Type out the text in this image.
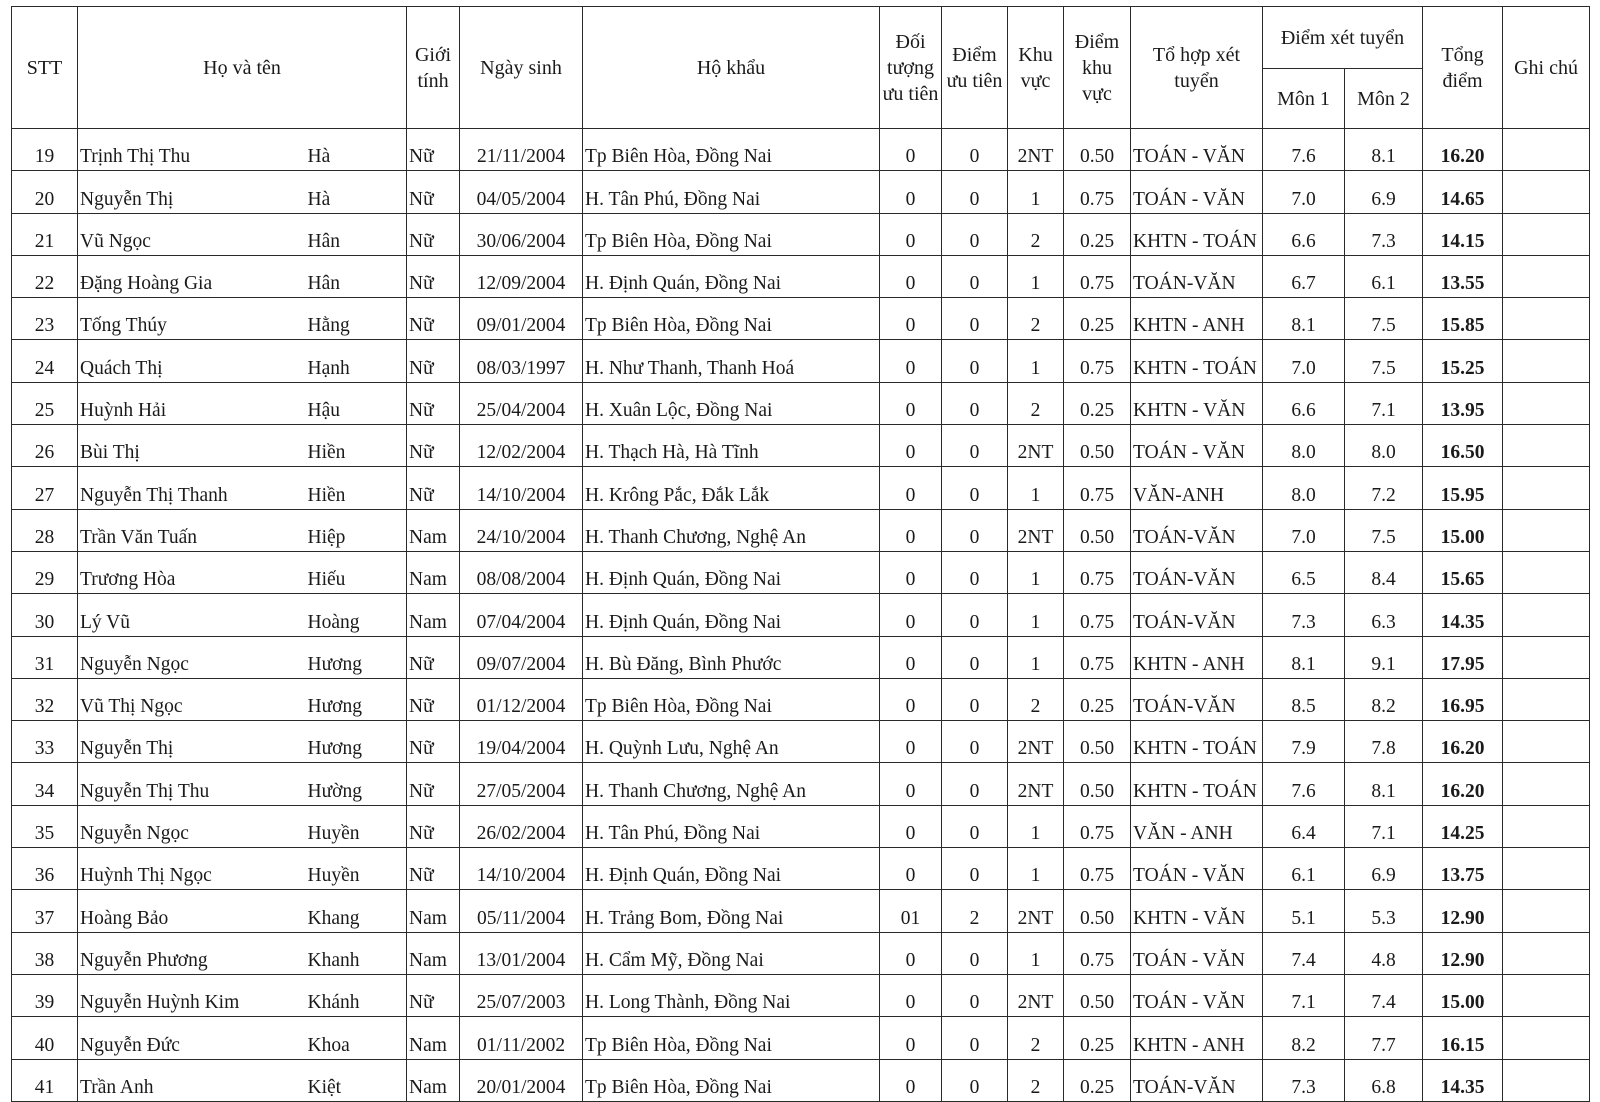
STT	Họ và tên		Giới tính	Ngày sinh	Hộ khẩu	Đối tượng ưu tiên	Điểm ưu tiên	Khu vực	Điểm khu vực	Tổ hợp xét tuyển	Điểm xét tuyển		Tổng điểm	Ghi chú
											Môn 1	Môn 2		
19	Trịnh Thị Thu	Hà	Nữ	21/11/2004	Tp Biên Hòa, Đồng Nai	0	0	2NT	0.50	TOÁN - VĂN	7.6	8.1	16.20	
20	Nguyễn Thị	Hà	Nữ	04/05/2004	H. Tân Phú, Đồng Nai	0	0	1	0.75	TOÁN - VĂN	7.0	6.9	14.65	
21	Vũ Ngọc	Hân	Nữ	30/06/2004	Tp Biên Hòa, Đồng Nai	0	0	2	0.25	KHTN - TOÁN	6.6	7.3	14.15	
22	Đặng Hoàng Gia	Hân	Nữ	12/09/2004	H. Định Quán, Đồng Nai	0	0	1	0.75	TOÁN-VĂN	6.7	6.1	13.55	
23	Tống Thúy	Hằng	Nữ	09/01/2004	Tp Biên Hòa, Đồng Nai	0	0	2	0.25	KHTN - ANH	8.1	7.5	15.85	
24	Quách Thị	Hạnh	Nữ	08/03/1997	H. Như Thanh, Thanh Hoá	0	0	1	0.75	KHTN - TOÁN	7.0	7.5	15.25	
25	Huỳnh Hải	Hậu	Nữ	25/04/2004	H. Xuân Lộc, Đồng Nai	0	0	2	0.25	KHTN - VĂN	6.6	7.1	13.95	
26	Bùi Thị	Hiền	Nữ	12/02/2004	H. Thạch Hà, Hà Tĩnh	0	0	2NT	0.50	TOÁN - VĂN	8.0	8.0	16.50	
27	Nguyễn Thị Thanh	Hiền	Nữ	14/10/2004	H. Krông Pắc, Đắk Lắk	0	0	1	0.75	VĂN-ANH	8.0	7.2	15.95	
28	Trần Văn Tuấn	Hiệp	Nam	24/10/2004	H. Thanh Chương, Nghệ An	0	0	2NT	0.50	TOÁN-VĂN	7.0	7.5	15.00	
29	Trương Hòa	Hiếu	Nam	08/08/2004	H. Định Quán, Đồng Nai	0	0	1	0.75	TOÁN-VĂN	6.5	8.4	15.65	
30	Lý Vũ	Hoàng	Nam	07/04/2004	H. Định Quán, Đồng Nai	0	0	1	0.75	TOÁN-VĂN	7.3	6.3	14.35	
31	Nguyễn Ngọc	Hương	Nữ	09/07/2004	H. Bù Đăng, Bình Phước	0	0	1	0.75	KHTN - ANH	8.1	9.1	17.95	
32	Vũ Thị Ngọc	Hương	Nữ	01/12/2004	Tp Biên Hòa, Đồng Nai	0	0	2	0.25	TOÁN-VĂN	8.5	8.2	16.95	
33	Nguyễn Thị	Hương	Nữ	19/04/2004	H. Quỳnh Lưu, Nghệ An	0	0	2NT	0.50	KHTN - TOÁN	7.9	7.8	16.20	
34	Nguyễn Thị Thu	Hường	Nữ	27/05/2004	H. Thanh Chương, Nghệ An	0	0	2NT	0.50	KHTN - TOÁN	7.6	8.1	16.20	
35	Nguyễn Ngọc	Huyền	Nữ	26/02/2004	H. Tân Phú, Đồng Nai	0	0	1	0.75	VĂN - ANH	6.4	7.1	14.25	
36	Huỳnh Thị Ngọc	Huyền	Nữ	14/10/2004	H. Định Quán, Đồng Nai	0	0	1	0.75	TOÁN - VĂN	6.1	6.9	13.75	
37	Hoàng Bảo	Khang	Nam	05/11/2004	H. Trảng Bom, Đồng Nai	01	2	2NT	0.50	KHTN - VĂN	5.1	5.3	12.90	
38	Nguyễn Phương	Khanh	Nam	13/01/2004	H. Cẩm Mỹ, Đồng Nai	0	0	1	0.75	TOÁN - VĂN	7.4	4.8	12.90	
39	Nguyễn Huỳnh Kim	Khánh	Nữ	25/07/2003	H. Long Thành, Đồng Nai	0	0	2NT	0.50	TOÁN - VĂN	7.1	7.4	15.00	
40	Nguyễn Đức	Khoa	Nam	01/11/2002	Tp Biên Hòa, Đồng Nai	0	0	2	0.25	KHTN - ANH	8.2	7.7	16.15	
41	Trần Anh	Kiệt	Nam	20/01/2004	Tp Biên Hòa, Đồng Nai	0	0	2	0.25	TOÁN-VĂN	7.3	6.8	14.35	
